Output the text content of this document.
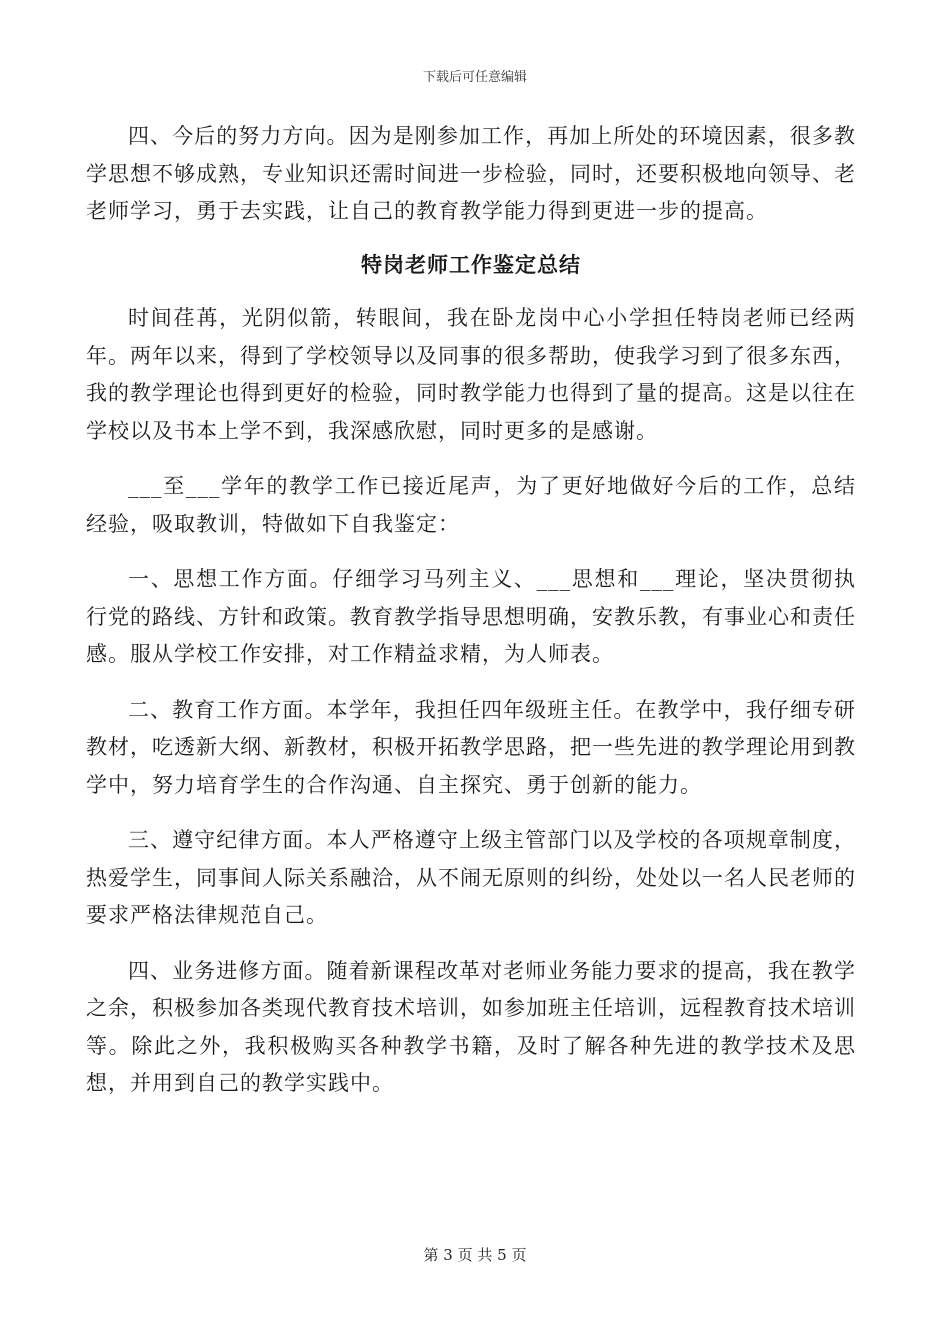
下载后可任意编辑

四、今后的努力方向。因为是刚参加工作，再加上所处的环境因素，很多教学思想不够成熟，专业知识还需时间进一步检验，同时，还要积极地向领导、老老师学习，勇于去实践，让自己的教育教学能力得到更进一步的提高。

特岗老师工作鉴定总结

时间荏苒，光阴似箭，转眼间，我在卧龙岗中心小学担任特岗老师已经两年。两年以来，得到了学校领导以及同事的很多帮助，使我学习到了很多东西，我的教学理论也得到更好的检验，同时教学能力也得到了量的提高。这是以往在学校以及书本上学不到，我深感欣慰，同时更多的是感谢。

___至___学年的教学工作已接近尾声，为了更好地做好今后的工作，总结经验，吸取教训，特做如下自我鉴定：

一、思想工作方面。仔细学习马列主义、___思想和___理论，坚决贯彻执行党的路线、方针和政策。教育教学指导思想明确，安教乐教，有事业心和责任感。服从学校工作安排，对工作精益求精，为人师表。

二、教育工作方面。本学年，我担任四年级班主任。在教学中，我仔细专研教材，吃透新大纲、新教材，积极开拓教学思路，把一些先进的教学理论用到教学中，努力培育学生的合作沟通、自主探究、勇于创新的能力。

三、遵守纪律方面。本人严格遵守上级主管部门以及学校的各项规章制度，热爱学生，同事间人际关系融洽，从不闹无原则的纠纷，处处以一名人民老师的要求严格法律规范自己。

四、业务进修方面。随着新课程改革对老师业务能力要求的提高，我在教学之余，积极参加各类现代教育技术培训，如参加班主任培训，远程教育技术培训等。除此之外，我积极购买各种教学书籍，及时了解各种先进的教学技术及思想，并用到自己的教学实践中。

第 3 页 共 5 页
